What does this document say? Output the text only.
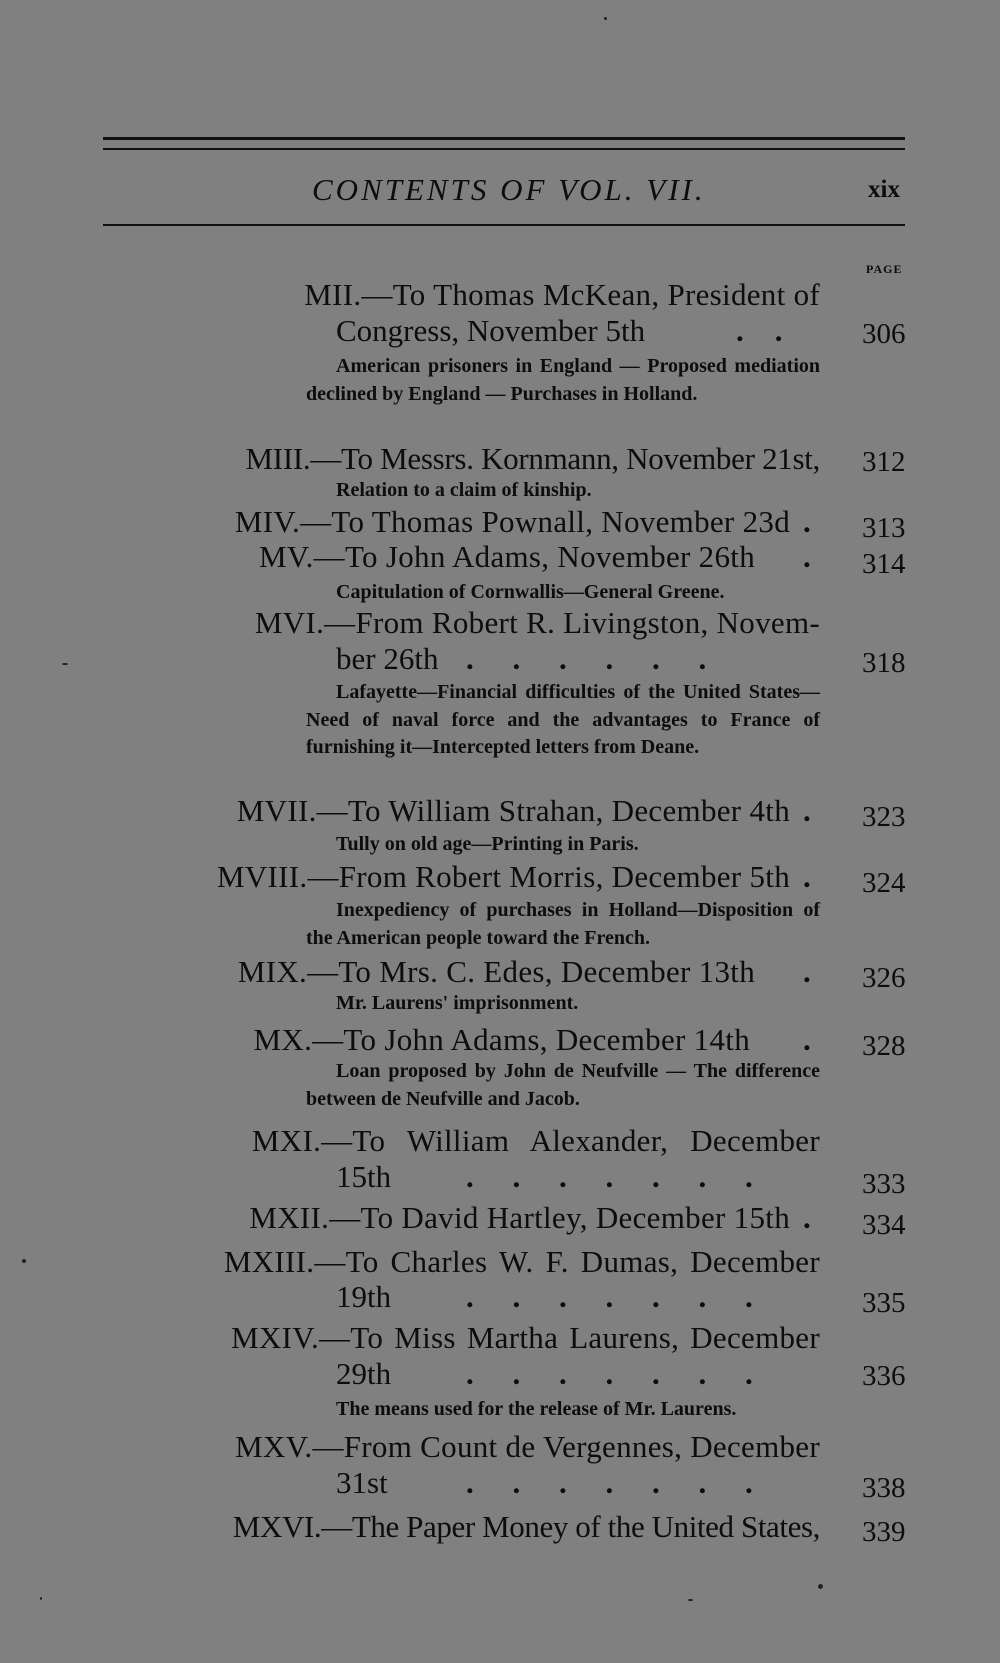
CONTENTS OF VOL. VII.	xix
PAGE
MII.—To Thomas McKean, President of
Congress, November 5th	.    .	306
American prisoners in England — Proposed mediation declined by England — Purchases in Holland.
MIII.—To Messrs. Kornmann, November 21st, 312
Relation to a claim of kinship.
MIV.—To Thomas Pownall, November 23d . 313
MV.—To John Adams, November 26th . 314
Capitulation of Cornwallis—General Greene.
MVI.—From Robert R. Livingston, Novem-
ber 26th .     .     .     .     .     .	318
Lafayette—Financial difficulties of the United States—Need of naval force and the advantages to France of furnishing it—Intercepted letters from Deane.
MVII.—To William Strahan, December 4th . 323
Tully on old age—Printing in Paris.
MVIII.—From Robert Morris, December 5th . 324
Inexpediency of purchases in Holland—Disposition of the American people toward the French.
MIX.—To Mrs. C. Edes, December 13th . 326
Mr. Laurens' imprisonment.
MX.—To John Adams, December 14th . 328
Loan proposed by John de Neufville — The difference between de Neufville and Jacob.
MXI.—To William Alexander, December
15th .     .     .     .     .     .     .	333
MXII.—To David Hartley, December 15th . 334
MXIII.—To Charles W. F. Dumas, December
19th .     .     .     .     .     .     .	335
MXIV.—To Miss Martha Laurens, December
29th .     .     .     .     .     .     .	336
The means used for the release of Mr. Laurens.
MXV.—From Count de Vergennes, December
31st	.     .     .     .     .     .     .	338
MXVI.—The Paper Money of the United States, 339
